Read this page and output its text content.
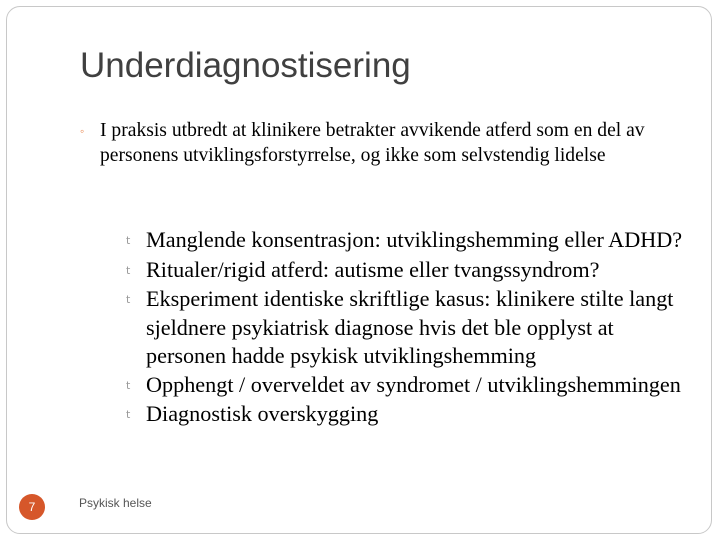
Underdiagnostisering
◦ I praksis utbredt at klinikere betrakter avvikende atferd som en del av personens utviklingsforstyrrelse, og ikke som selvstendig lidelse
t Manglende konsentrasjon: utviklingshemming eller ADHD?
t Ritualer/rigid atferd: autisme eller tvangssyndrom?
t Eksperiment identiske skriftlige kasus: klinikere stilte langt sjeldnere psykiatrisk diagnose hvis det ble opplyst at personen hadde psykisk utviklingshemming
t Opphengt / overveldet av syndromet / utviklingshemmingen
t Diagnostisk overskygging
Psykisk helse
7
